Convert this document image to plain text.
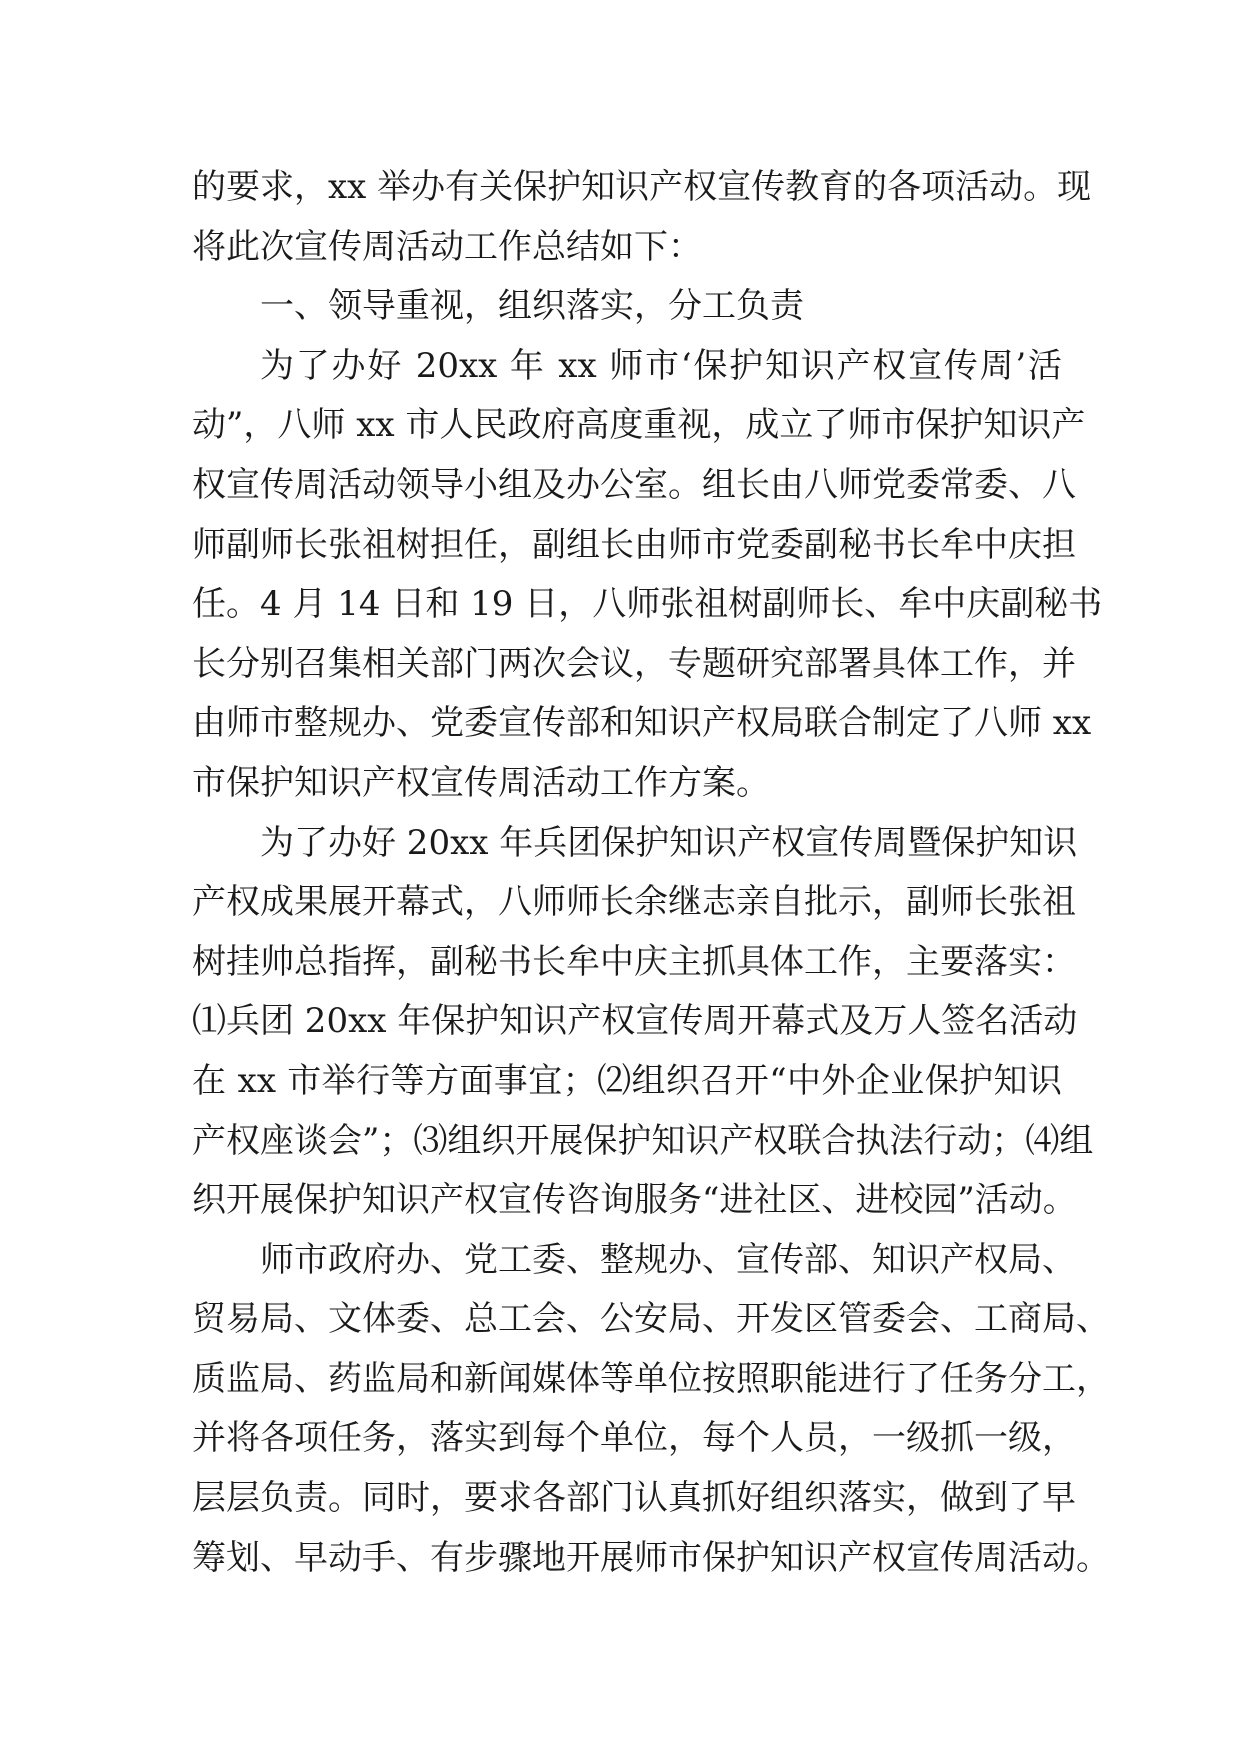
的要求，xx 举办有关保护知识产权宣传教育的各项活动。现
将此次宣传周活动工作总结如下：
一、领导重视，组织落实，分工负责
为了办好 20xx 年 xx 师市‘保护知识产权宣传周’活
动”，八师 xx 市人民政府高度重视，成立了师市保护知识产
权宣传周活动领导小组及办公室。组长由八师党委常委、八
师副师长张祖树担任，副组长由师市党委副秘书长牟中庆担
任。4 月 14 日和 19 日，八师张祖树副师长、牟中庆副秘书
长分别召集相关部门两次会议，专题研究部署具体工作，并
由师市整规办、党委宣传部和知识产权局联合制定了八师 xx
市保护知识产权宣传周活动工作方案。
为了办好 20xx 年兵团保护知识产权宣传周暨保护知识
产权成果展开幕式，八师师长余继志亲自批示，副师长张祖
树挂帅总指挥，副秘书长牟中庆主抓具体工作，主要落实：
⑴兵团 20xx 年保护知识产权宣传周开幕式及万人签名活动
在 xx 市举行等方面事宜；⑵组织召开“中外企业保护知识
产权座谈会”；⑶组织开展保护知识产权联合执法行动；⑷组
织开展保护知识产权宣传咨询服务“进社区、进校园”活动。
师市政府办、党工委、整规办、宣传部、知识产权局、
贸易局、文体委、总工会、公安局、开发区管委会、工商局、
质监局、药监局和新闻媒体等单位按照职能进行了任务分工，
并将各项任务，落实到每个单位，每个人员，一级抓一级，
层层负责。同时，要求各部门认真抓好组织落实，做到了早
筹划、早动手、有步骤地开展师市保护知识产权宣传周活动。
